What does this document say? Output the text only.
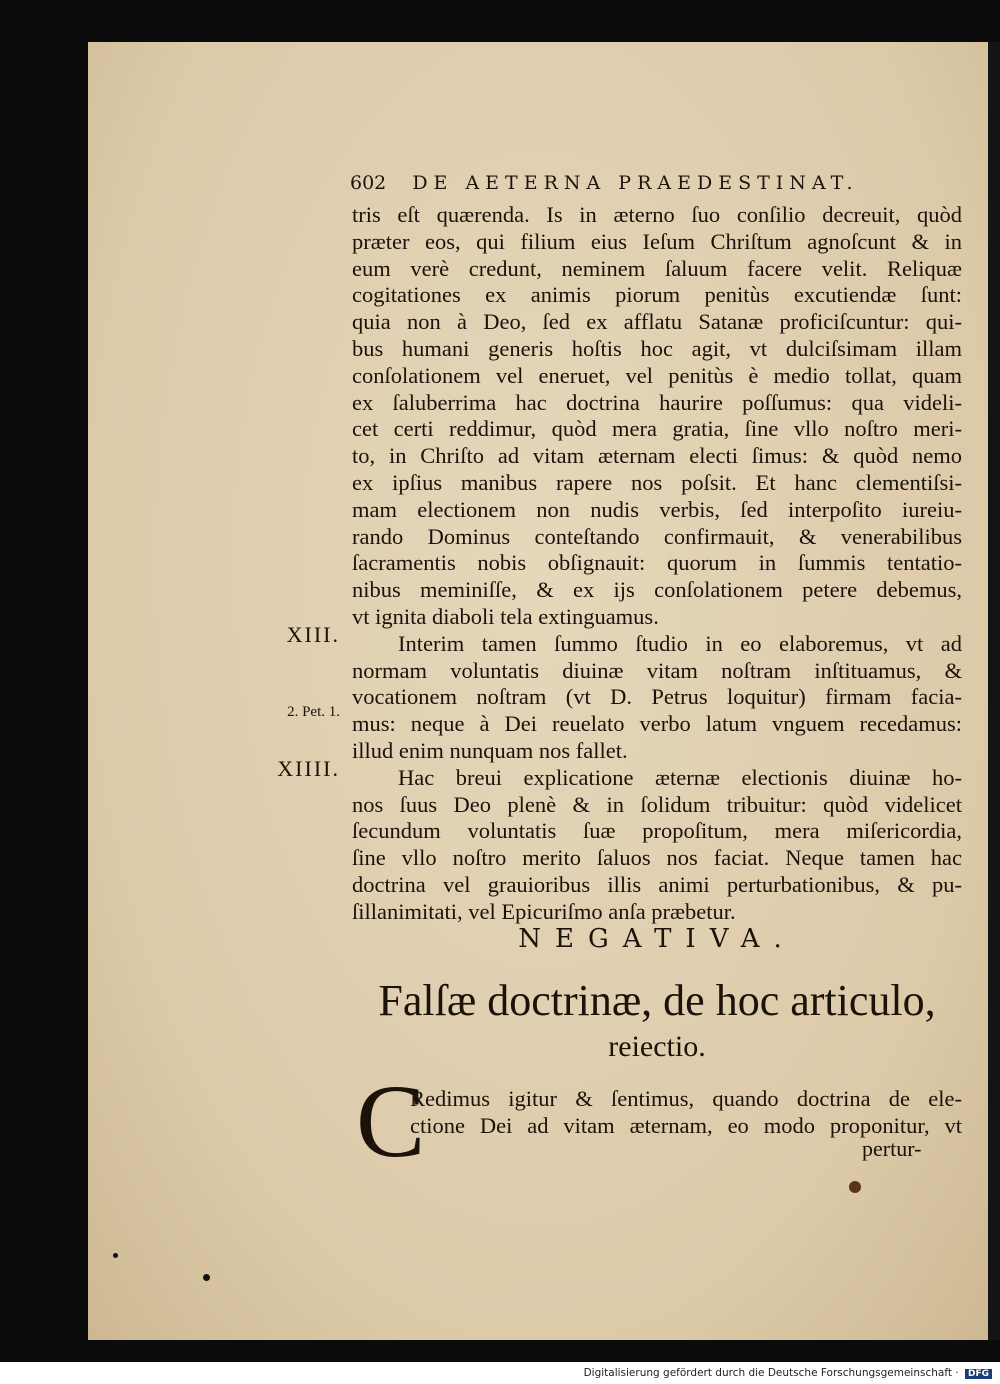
602 DE AETERNA PRAEDESTINAT.
tris eſt quærenda. Is in æterno ſuo conſilio decreuit, quòd
præter eos, qui filium eius Ieſum Chriſtum agnoſcunt & in
eum verè credunt, neminem ſaluum facere velit. Reliquæ
cogitationes ex animis piorum penitùs excutiendæ ſunt:
quia non à Deo, ſed ex afflatu Satanæ proficiſcuntur: qui-
bus humani generis hoſtis hoc agit, vt dulciſsimam illam
conſolationem vel eneruet, vel penitùs è medio tollat, quam
ex ſaluberrima hac doctrina haurire poſſumus: qua videli-
cet certi reddimur, quòd mera gratia, ſine vllo noſtro meri-
to, in Chriſto ad vitam æternam electi ſimus: & quòd nemo
ex ipſius manibus rapere nos poſsit. Et hanc clementiſsi-
mam electionem non nudis verbis, ſed interpoſito iureiu-
rando Dominus conteſtando confirmauit, & venerabilibus
ſacramentis nobis obſignauit: quorum in ſummis tentatio-
nibus meminiſſe, & ex ijs conſolationem petere debemus,
vt ignita diaboli tela extinguamus.
Interim tamen ſummo ſtudio in eo elaboremus, vt ad
normam voluntatis diuinæ vitam noſtram inſtituamus, &
vocationem noſtram (vt D. Petrus loquitur) firmam facia-
mus: neque à Dei reuelato verbo latum vnguem recedamus:
illud enim nunquam nos fallet.
Hac breui explicatione æternæ electionis diuinæ ho-
nos ſuus Deo plenè & in ſolidum tribuitur: quòd videlicet
ſecundum voluntatis ſuæ propoſitum, mera miſericordia,
ſine vllo noſtro merito ſaluos nos faciat. Neque tamen hac
doctrina vel grauioribus illis animi perturbationibus, & pu-
ſillanimitati, vel Epicuriſmo anſa præbetur.
XIII.
2. Pet. 1.
XIIII.
NEGATIVA.
Falſæ doctrinæ, de hoc articulo,
reiectio.
C
Redimus igitur & ſentimus, quando doctrina de ele-
ctione Dei ad vitam æternam, eo modo proponitur, vt
pertur-
Digitalisierung gefördert durch die Deutsche Forschungsgemeinschaft · DFG
